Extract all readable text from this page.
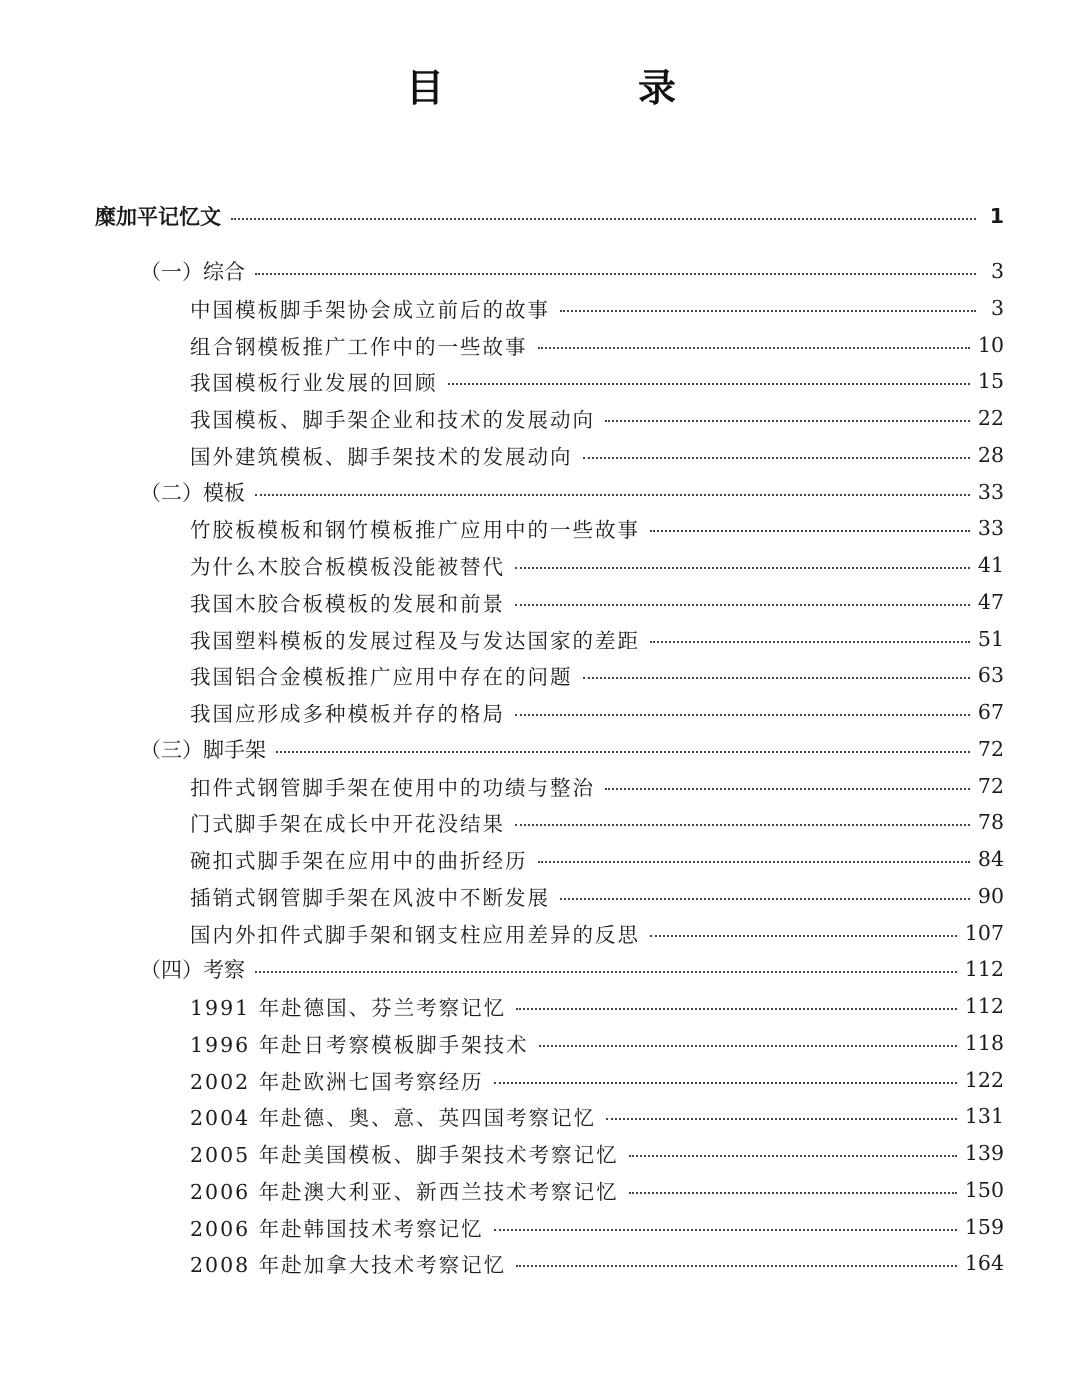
目　录
糜加平记忆文	1
（一）综合	3
中国模板脚手架协会成立前后的故事	3
组合钢模板推广工作中的一些故事	10
我国模板行业发展的回顾	15
我国模板、脚手架企业和技术的发展动向	22
国外建筑模板、脚手架技术的发展动向	28
（二）模板	33
竹胶板模板和钢竹模板推广应用中的一些故事	33
为什么木胶合板模板没能被替代	41
我国木胶合板模板的发展和前景	47
我国塑料模板的发展过程及与发达国家的差距	51
我国铝合金模板推广应用中存在的问题	63
我国应形成多种模板并存的格局	67
（三）脚手架	72
扣件式钢管脚手架在使用中的功绩与整治	72
门式脚手架在成长中开花没结果	78
碗扣式脚手架在应用中的曲折经历	84
插销式钢管脚手架在风波中不断发展	90
国内外扣件式脚手架和钢支柱应用差异的反思	107
（四）考察	112
1991 年赴德国、芬兰考察记忆	112
1996 年赴日考察模板脚手架技术	118
2002 年赴欧洲七国考察经历	122
2004 年赴德、奥、意、英四国考察记忆	131
2005 年赴美国模板、脚手架技术考察记忆	139
2006 年赴澳大利亚、新西兰技术考察记忆	150
2006 年赴韩国技术考察记忆	159
2008 年赴加拿大技术考察记忆	164
